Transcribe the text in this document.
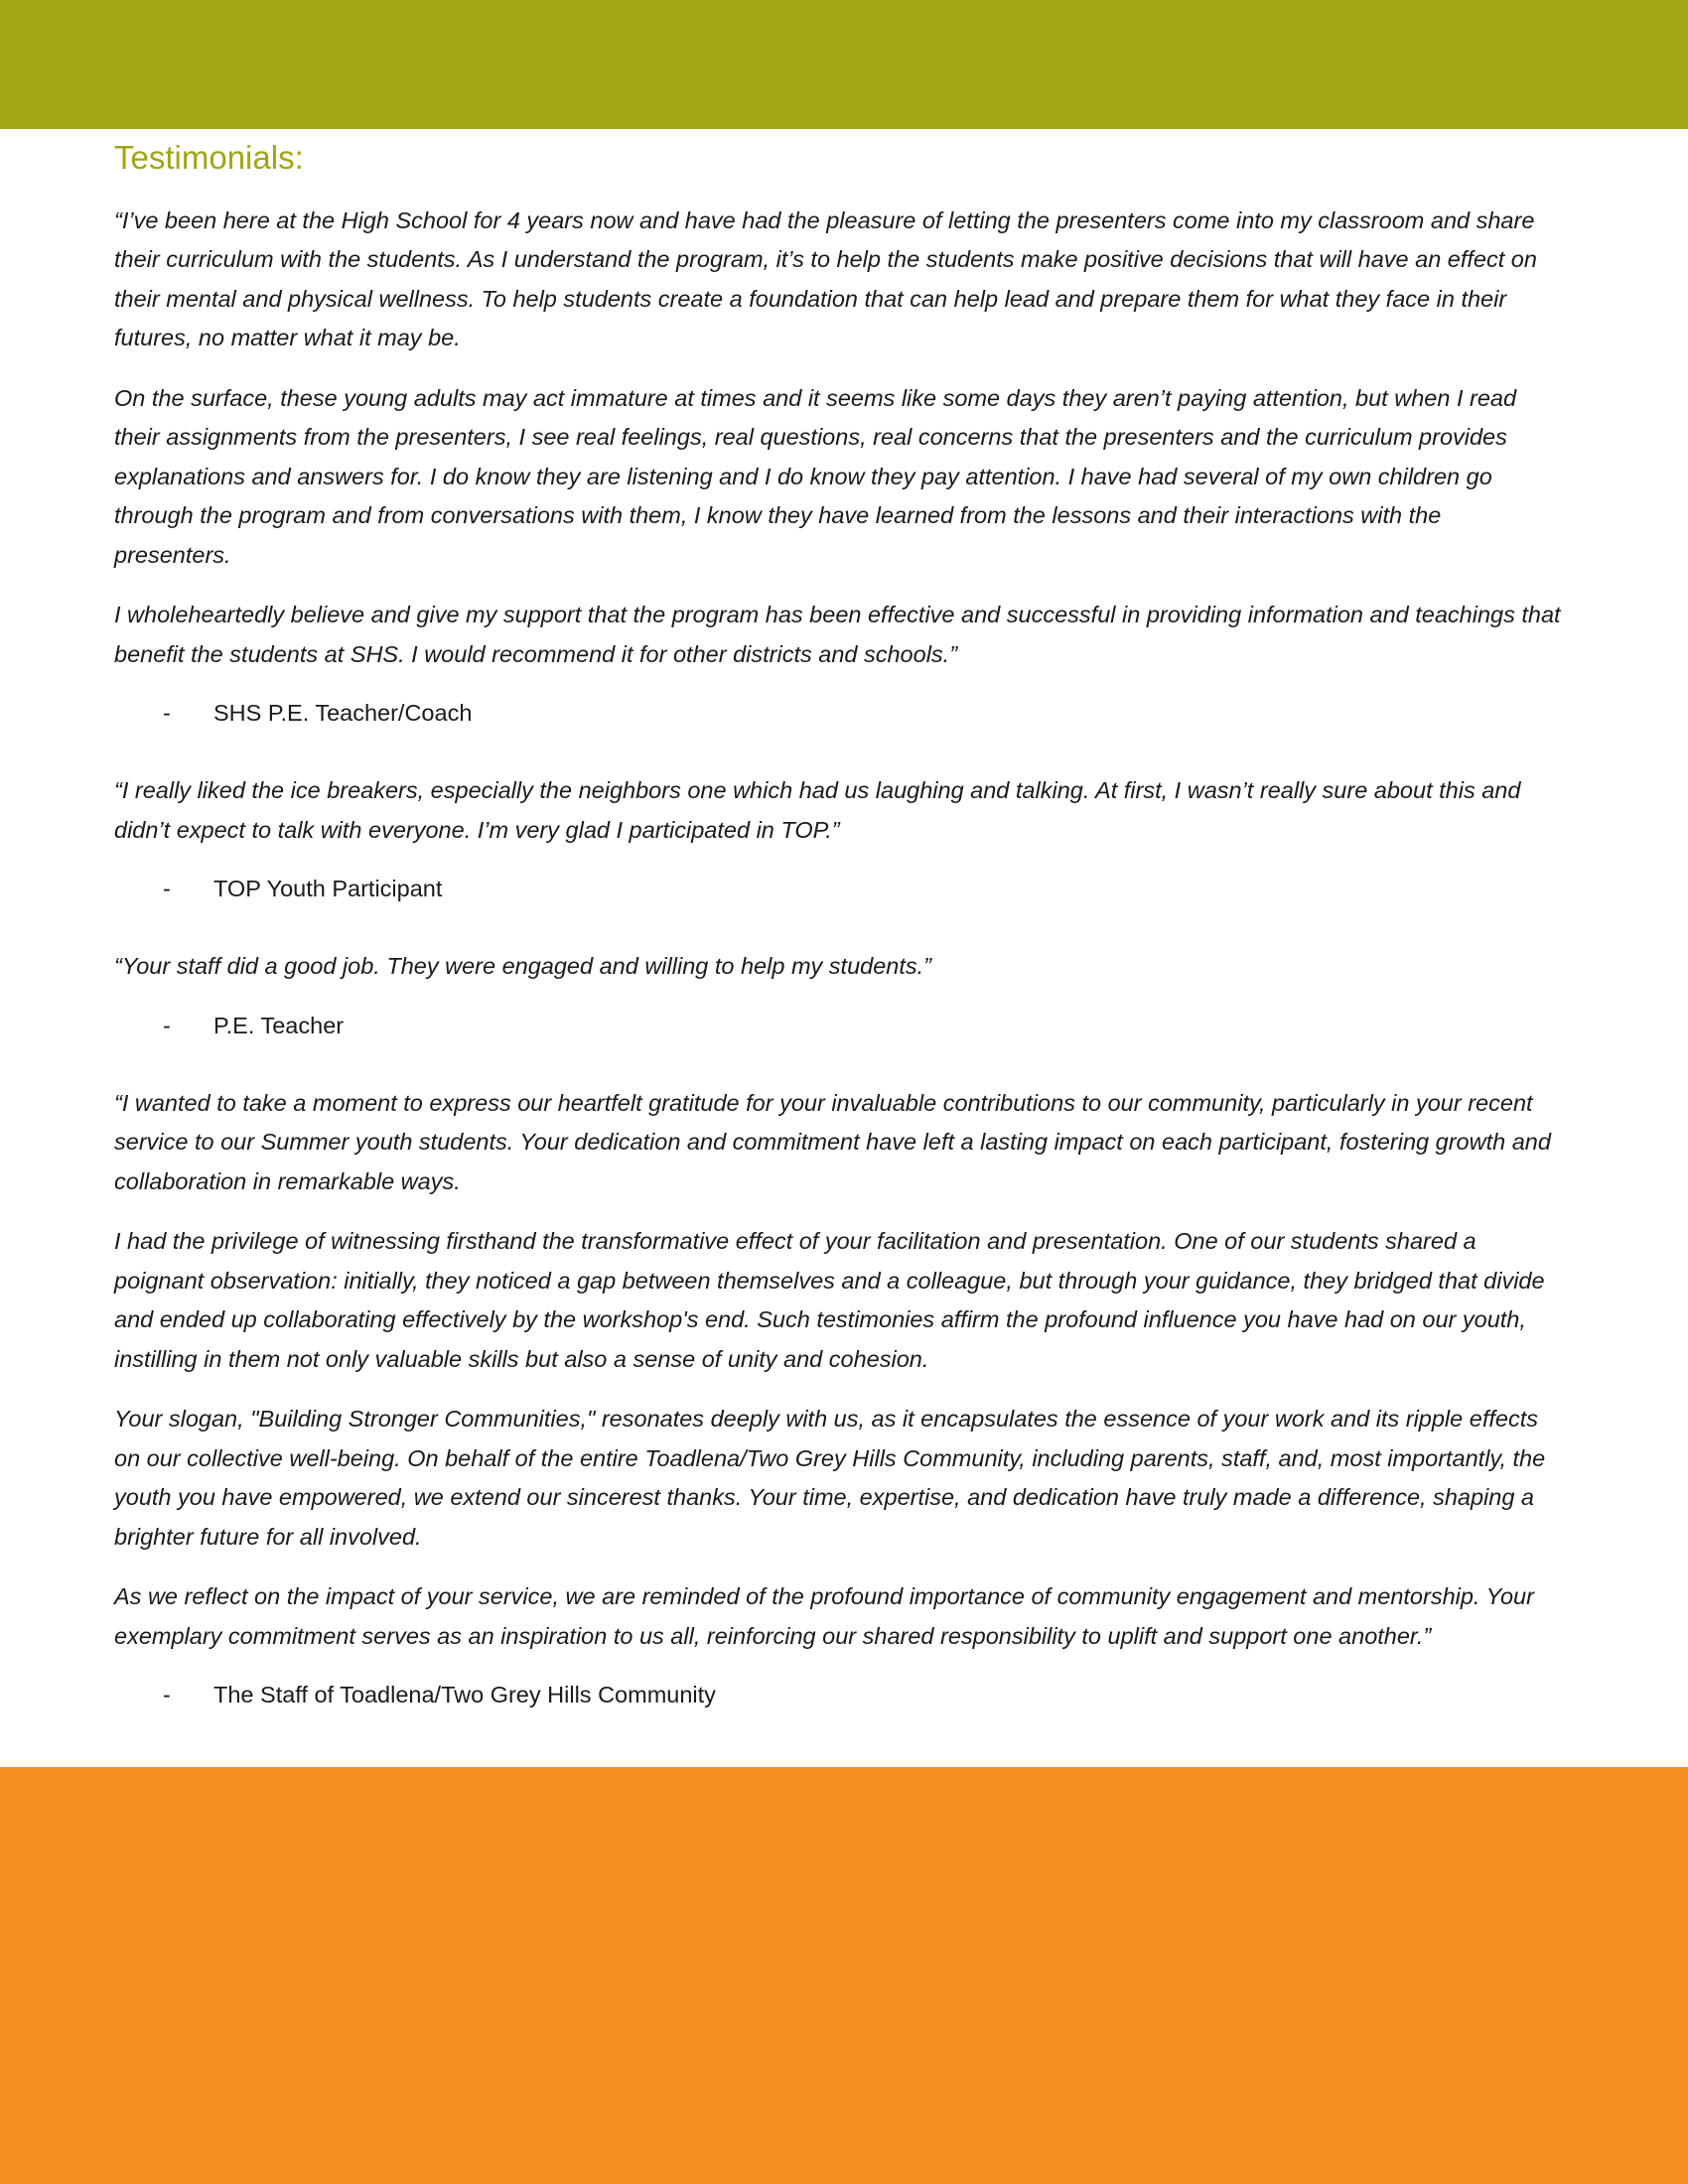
Testimonials:

“I’ve been here at the High School for 4 years now and have had the pleasure of letting the presenters come into my classroom and share their curriculum with the students. As I understand the program, it’s to help the students make positive decisions that will have an effect on their mental and physical wellness. To help students create a foundation that can help lead and prepare them for what they face in their futures, no matter what it may be.

On the surface, these young adults may act immature at times and it seems like some days they aren’t paying attention, but when I read their assignments from the presenters, I see real feelings, real questions, real concerns that the presenters and the curriculum provides explanations and answers for. I do know they are listening and I do know they pay attention. I have had several of my own children go through the program and from conversations with them, I know they have learned from the lessons and their interactions with the presenters.

I wholeheartedly believe and give my support that the program has been effective and successful in providing information and teachings that benefit the students at SHS. I would recommend it for other districts and schools.”

- SHS P.E. Teacher/Coach

“I really liked the ice breakers, especially the neighbors one which had us laughing and talking. At first, I wasn’t really sure about this and didn’t expect to talk with everyone. I’m very glad I participated in TOP.”

- TOP Youth Participant

“Your staff did a good job. They were engaged and willing to help my students.”

- P.E. Teacher

“I wanted to take a moment to express our heartfelt gratitude for your invaluable contributions to our community, particularly in your recent service to our Summer youth students. Your dedication and commitment have left a lasting impact on each participant, fostering growth and collaboration in remarkable ways.

I had the privilege of witnessing firsthand the transformative effect of your facilitation and presentation. One of our students shared a poignant observation: initially, they noticed a gap between themselves and a colleague, but through your guidance, they bridged that divide and ended up collaborating effectively by the workshop's end. Such testimonies affirm the profound influence you have had on our youth, instilling in them not only valuable skills but also a sense of unity and cohesion.

Your slogan, "Building Stronger Communities," resonates deeply with us, as it encapsulates the essence of your work and its ripple effects on our collective well-being. On behalf of the entire Toadlena/Two Grey Hills Community, including parents, staff, and, most importantly, the youth you have empowered, we extend our sincerest thanks. Your time, expertise, and dedication have truly made a difference, shaping a brighter future for all involved.

As we reflect on the impact of your service, we are reminded of the profound importance of community engagement and mentorship. Your exemplary commitment serves as an inspiration to us all, reinforcing our shared responsibility to uplift and support one another.”

- The Staff of Toadlena/Two Grey Hills Community
